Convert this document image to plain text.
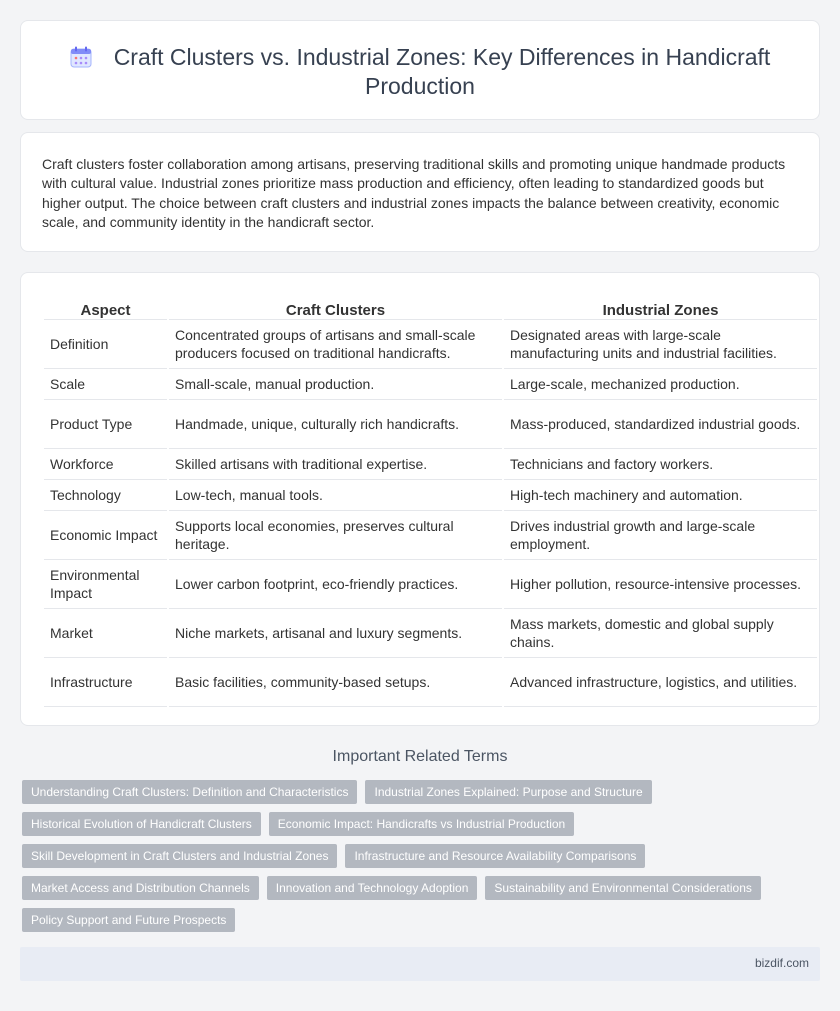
Craft Clusters vs. Industrial Zones: Key Differences in Handicraft Production

Craft clusters foster collaboration among artisans, preserving traditional skills and promoting unique handmade products with cultural value. Industrial zones prioritize mass production and efficiency, often leading to standardized goods but higher output. The choice between craft clusters and industrial zones impacts the balance between creativity, economic scale, and community identity in the handicraft sector.

Aspect	Craft Clusters	Industrial Zones
Definition	Concentrated groups of artisans and small-scale producers focused on traditional handicrafts.	Designated areas with large-scale manufacturing units and industrial facilities.
Scale	Small-scale, manual production.	Large-scale, mechanized production.
Product Type	Handmade, unique, culturally rich handicrafts.	Mass-produced, standardized industrial goods.
Workforce	Skilled artisans with traditional expertise.	Technicians and factory workers.
Technology	Low-tech, manual tools.	High-tech machinery and automation.
Economic Impact	Supports local economies, preserves cultural heritage.	Drives industrial growth and large-scale employment.
Environmental Impact	Lower carbon footprint, eco-friendly practices.	Higher pollution, resource-intensive processes.
Market	Niche markets, artisanal and luxury segments.	Mass markets, domestic and global supply chains.
Infrastructure	Basic facilities, community-based setups.	Advanced infrastructure, logistics, and utilities.
Important Related Terms
Understanding Craft Clusters: Definition and Characteristics	Industrial Zones Explained: Purpose and Structure
Historical Evolution of Handicraft Clusters	Economic Impact: Handicrafts vs Industrial Production
Skill Development in Craft Clusters and Industrial Zones	Infrastructure and Resource Availability Comparisons
Market Access and Distribution Channels	Innovation and Technology Adoption	Sustainability and Environmental Considerations
Policy Support and Future Prospects
bizdif.com
